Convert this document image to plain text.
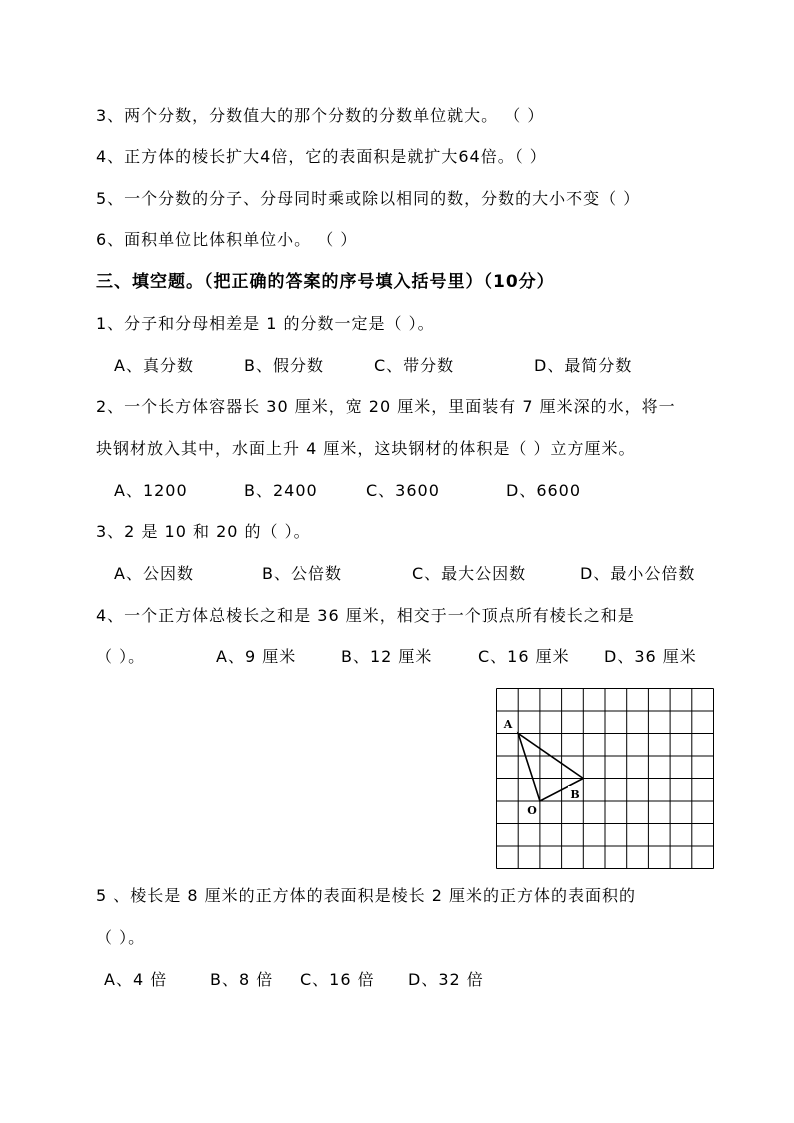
3、两个分数，分数值大的那个分数的分数单位就大。 （ ）
4、正方体的棱长扩大4倍，它的表面积是就扩大64倍。（ ）
5、一个分数的分子、分母同时乘或除以相同的数，分数的大小不变（ ）
6、面积单位比体积单位小。 （ ）
三、填空题。（把正确的答案的序号填入括号里）（10分）
1、分子和分母相差是 1 的分数一定是（ ）。
A、真分数	B、假分数	C、带分数	D、最简分数
2、一个长方体容器长 30 厘米，宽 20 厘米，里面装有 7 厘米深的水，将一
块钢材放入其中，水面上升 4 厘米，这块钢材的体积是（ ）立方厘米。
A、1200	B、2400	C、3600	D、6600
3、2 是 10 和 20 的（ ）。
A、公因数	B、公倍数	C、最大公因数	D、最小公倍数
4、一个正方体总棱长之和是 36 厘米，相交于一个顶点所有棱长之和是
（ ）。	A、9 厘米	B、12 厘米	C、16 厘米 D、36 厘米
A
O
B
5 、棱长是 8 厘米的正方体的表面积是棱长 2 厘米的正方体的表面积的
（ ）。
A、4 倍	B、8 倍 C、16 倍 D、32 倍
